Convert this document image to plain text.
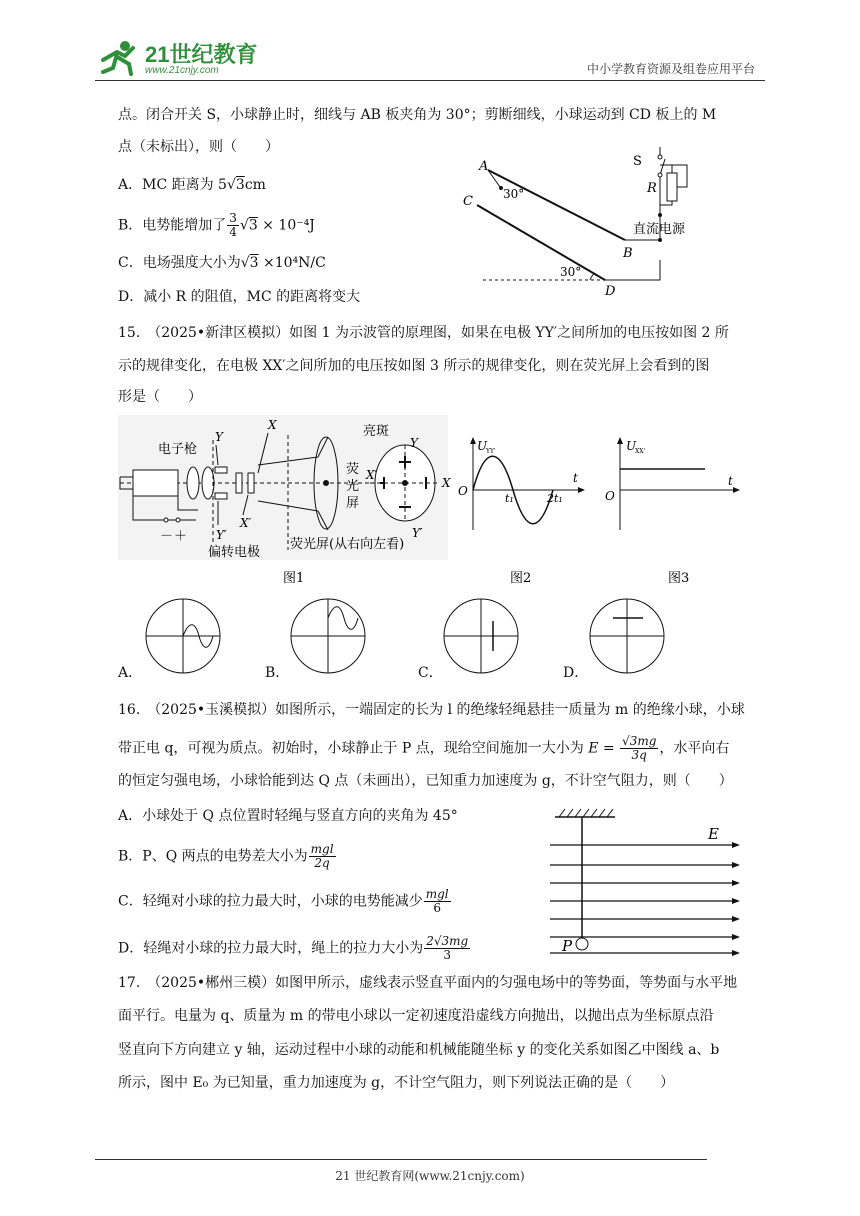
21世纪教育
www.21cnjy.com	中小学教育资源及组卷应用平台
点。闭合开关 S，小球静止时，细线与 AB 板夹角为 30°；剪断细线，小球运动到 CD 板上的 M
点（未标出），则（　　）
A．MC 距离为 5√3cm
B．电势能增加了 $\frac{3}{4} √3 \times 10^{-4}J$
C．电场强度大小为√3 ×10⁴N/C
D．减小 R 的阻值，MC 的距离将变大
A
C
B
D
S
R
30°
30°
直流电源
15.　（2025•新津区模拟）如图 1 为示波管的原理图，如果在电极 YY′之间所加的电压按如图 2 所
示的规律变化，在电极 XX′之间所加的电压按如图 3 所示的规律变化，则在荧光屏上会看到的图
形是（　　）
电子枪
Y
X
Y′
X′
亮斑
Y
X
X′
Y′
荧
光
屏
－ ＋
偏转电极
荧光屏(从右向左看)
图1
U
YY'
O
t
t₁	2t₁
图2
U
XX'
O
t
图3
A．	B．	C．	D．
16.　（2025•玉溪模拟）如图所示，一端固定的长为 l 的绝缘轻绳悬挂一质量为 m 的绝缘小球，小球
带正电 q，可视为质点。初始时，小球静止于 P 点，现给空间施加一大小为 $E = \frac{√3mg}{3q}$ ，水平向右
的恒定匀强电场，小球恰能到达 Q 点（未画出），已知重力加速度为 g，不计空气阻力，则（　　）
A．小球处于 Q 点位置时轻绳与竖直方向的夹角为 45°
B．P、Q 两点的电势差大小为 $\frac{\text{mgl}}{2q}$
C．轻绳对小球的拉力最大时，小球的电势能减少 $\frac{\text{mgl}}{6}$
D．轻绳对小球的拉力最大时，绳上的拉力大小为 $\frac{2√3mg}{3}$
E
P
17.　（2025•郴州三模）如图甲所示，虚线表示竖直平面内的匀强电场中的等势面，等势面与水平地
面平行。电量为 q、质量为 m 的带电小球以一定初速度沿虚线方向抛出，以抛出点为坐标原点沿
竖直向下方向建立 y 轴，运动过程中小球的动能和机械能随坐标 y 的变化关系如图乙中图线 a、b
所示，图中 E₀ 为已知量，重力加速度为 g，不计空气阻力，则下列说法正确的是（　　）
21 世纪教育网(www.21cnjy.com)
